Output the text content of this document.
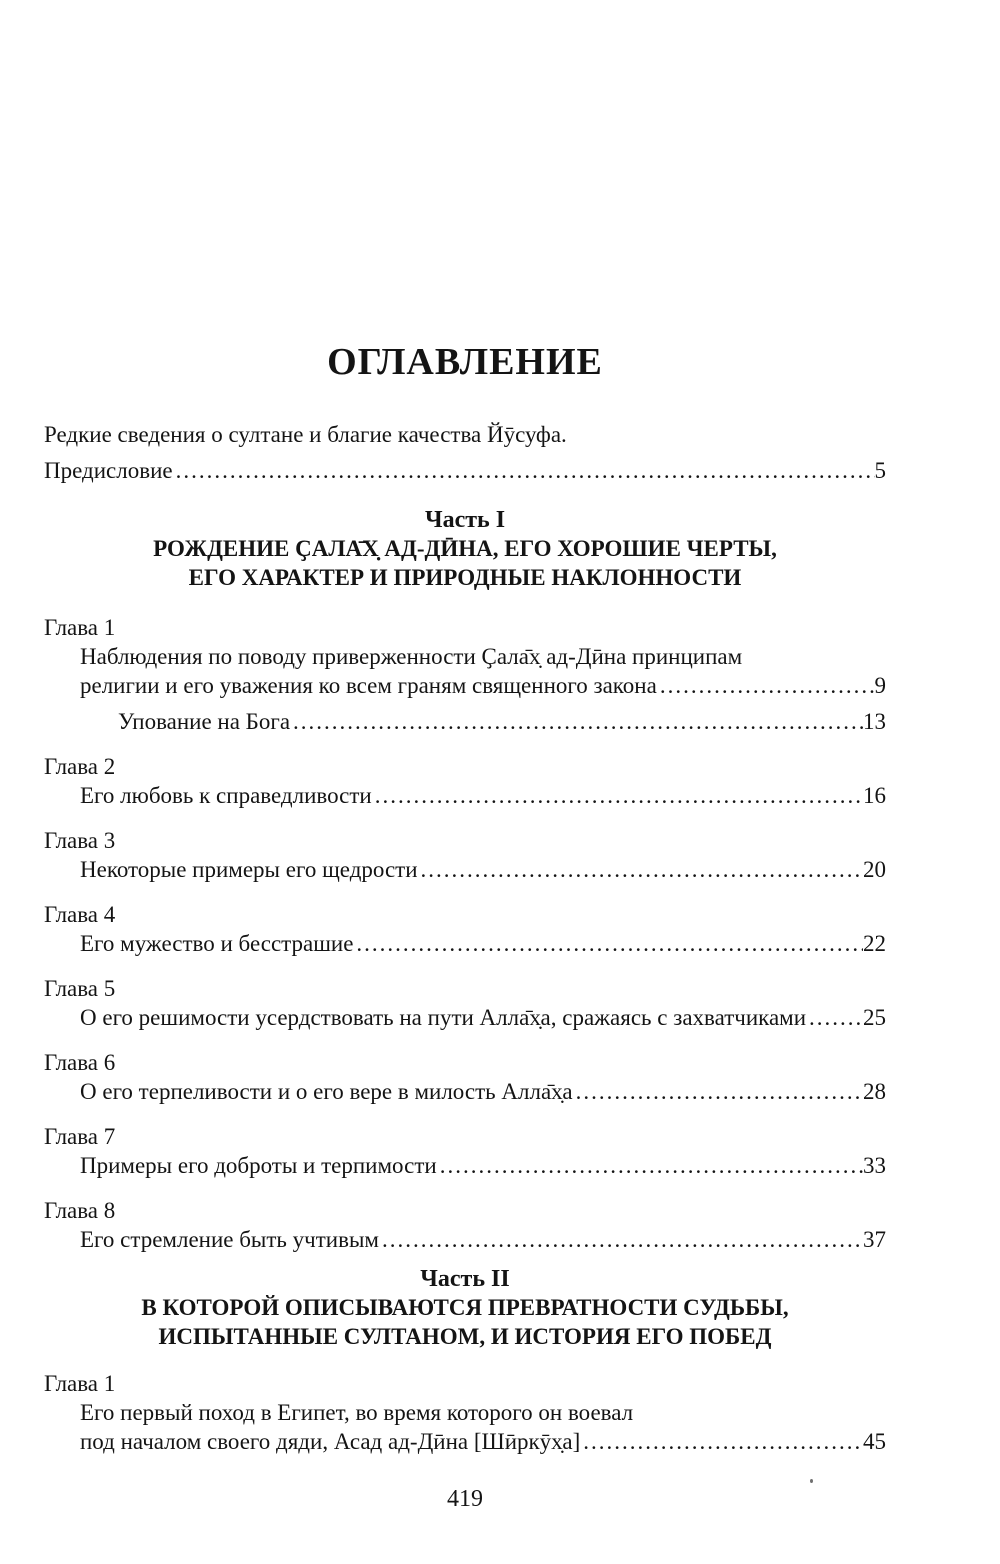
ОГЛАВЛЕНИЕ
Редкие сведения о султане и благие качества Йӯсуфа.
Предисловие .....	5
Часть I
РОЖДЕНИЕ ҪАЛА̄Х̣ АД-ДӢНА, ЕГО ХОРОШИЕ ЧЕРТЫ,
ЕГО ХАРАКТЕР И ПРИРОДНЫЕ НАКЛОННОСТИ
Глава 1
Наблюдения по поводу приверженности Ҫала̄х̣ ад-Дӣна принципам
религии и его уважения ко всем граням священного закона .....	9
Упование на Бога .....	13
Глава 2
Его любовь к справедливости .....	16
Глава 3
Некоторые примеры его щедрости .....	20
Глава 4
Его мужество и бесстрашие .....	22
Глава 5
О его решимости усердствовать на пути Алла̄х̣а, сражаясь с захватчиками ..... 25
Глава 6
О его терпеливости и о его вере в милость Алла̄х̣а .....	28
Глава 7
Примеры его доброты и терпимости .....	33
Глава 8
Его стремление быть учтивым .....	37
Часть II
В КОТОРОЙ ОПИСЫВАЮТСЯ ПРЕВРАТНОСТИ СУДЬБЫ,
ИСПЫТАННЫЕ СУЛТАНОМ, И ИСТОРИЯ ЕГО ПОБЕД
Глава 1
Его первый поход в Египет, во время которого он воевал
под началом своего дяди, Асад ад-Дӣна [Шӣркӯх̣а] .....	45
419
